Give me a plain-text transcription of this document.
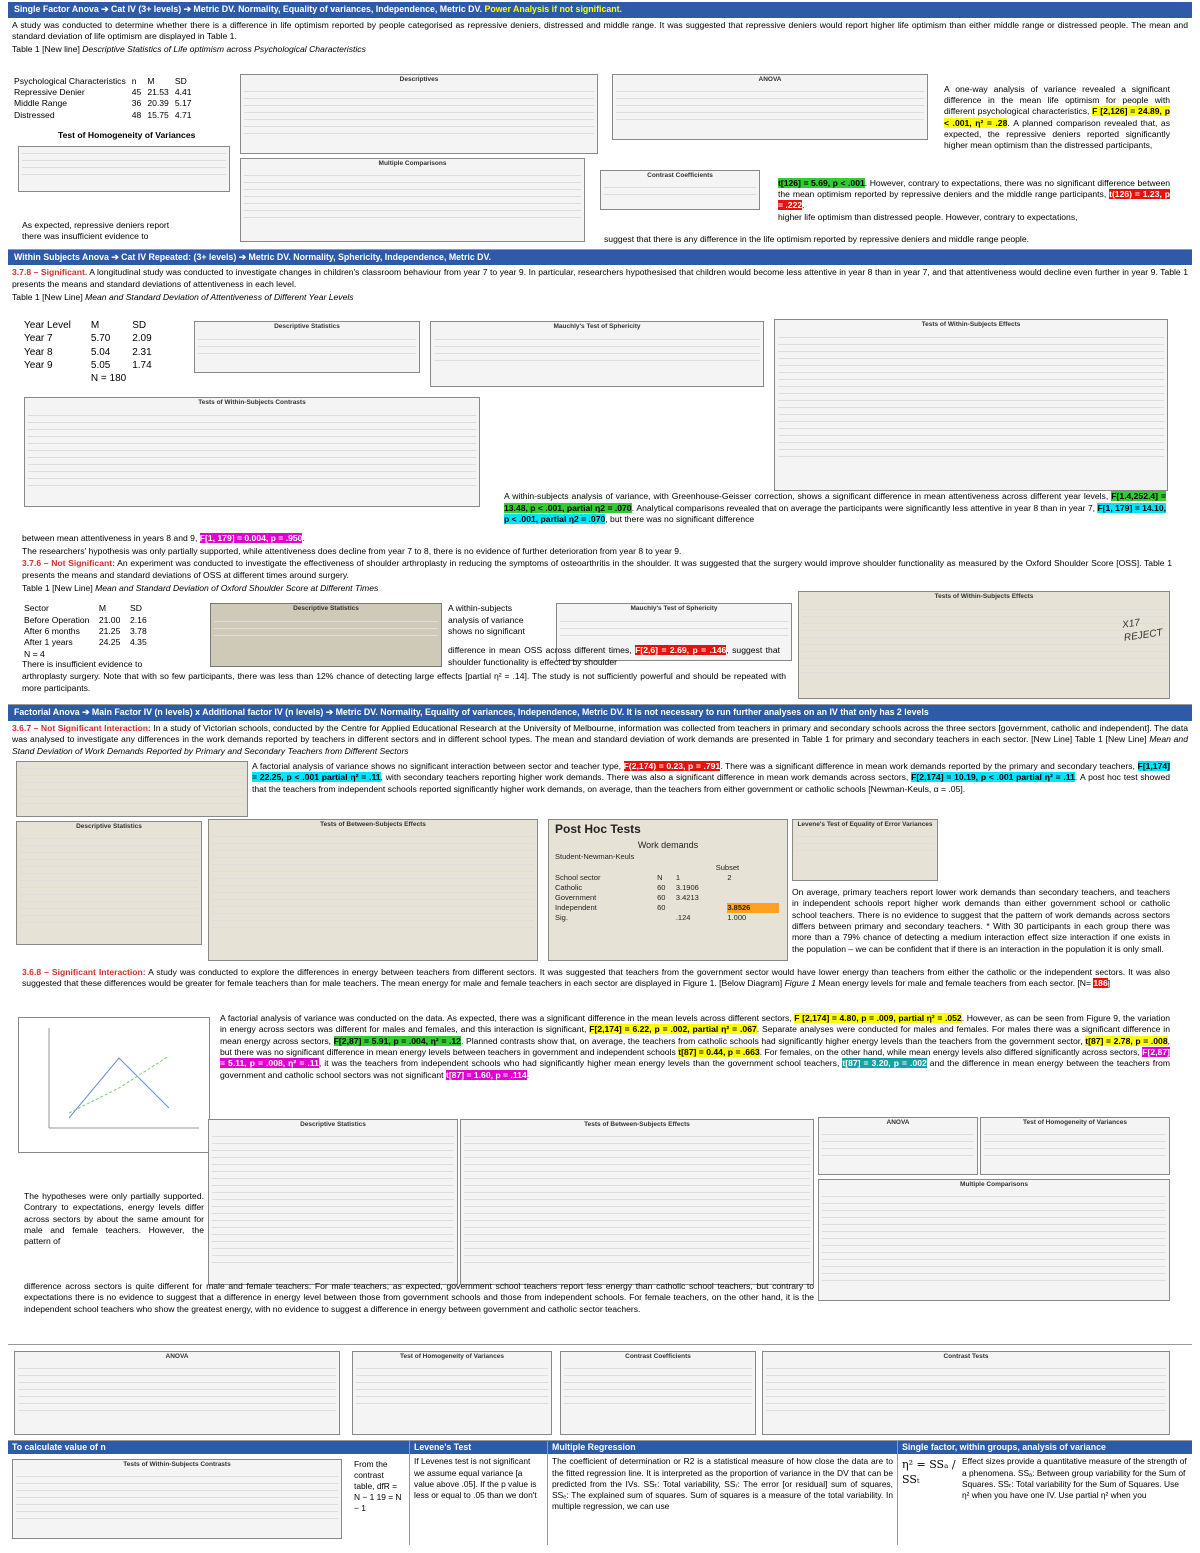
Single Factor Anova ➔ Cat IV (3+ levels) ➔ Metric DV. Normality, Equality of variances, Independence, Metric DV. Power Analysis if not significant.

A study was conducted to determine whether there is a difference in life optimism reported by people categorised as repressive deniers, distressed and middle range. It was suggested that repressive deniers would report higher life optimism than either middle range or distressed people. The mean and standard deviation of life optimism are displayed in Table 1.

Table 1 [New line] Descriptive Statistics of Life optimism across Psychological Characteristics

Psychological Characteristics	n	M	SD
Repressive Denier	45	21.53	4.41
Middle Range	36	20.39	5.17
Distressed	48	15.75	4.71
Test of Homogeneity of Variances
Descriptives
Multiple Comparisons
ANOVA
Contrast Coefficients
A one-way analysis of variance revealed a significant difference in the mean life optimism for people with different psychological characteristics, F [2,126] = 24.89, p < .001, η² = .28. A planned comparison revealed that, as expected, the repressive deniers reported significantly higher mean optimism than the distressed participants,
t[126] = 5.69, p < .001. However, contrary to expectations, there was no significant difference between the mean optimism reported by repressive deniers and the middle range participants, t(126) = 1.23, p = .222.
higher life optimism than distressed people. However, contrary to expectations,
As expected, repressive deniers report
there was insufficient evidence to	suggest that there is any difference in the life optimism reported by repressive deniers and middle range people.
Within Subjects Anova ➔ Cat IV Repeated: (3+ levels) ➔ Metric DV. Normality, Sphericity, Independence, Metric DV.

3.7.8 – Significant. A longitudinal study was conducted to investigate changes in children's classroom behaviour from year 7 to year 9. In particular, researchers hypothesised that children would become less attentive in year 8 than in year 7, and that attentiveness would decline even further in year 9. Table 1 presents the means and standard deviations of attentiveness in each level.

Table 1 [New Line] Mean and Standard Deviation of Attentiveness of Different Year Levels

Year Level	M	SD
Year 7	5.70	2.09
Year 8	5.04	2.31
Year 9	5.05	1.74
	N = 180	
Descriptive Statistics	Mauchly's Test of Sphericity	Tests of Within-Subjects Effects
Tests of Within-Subjects Contrasts
A within-subjects analysis of variance, with Greenhouse-Geisser correction, shows a significant difference in mean attentiveness across different year levels, F[1.4,252.4] = 13.48, p < .001, partial η2 = .070. Analytical comparisons revealed that on average the participants were significantly less attentive in year 8 than in year 7, F[1, 179] = 14.10, p < .001, partial η2 = .070, but there was no significant difference
between mean attentiveness in years 8 and 9, F[1, 179] = 0.004, p = .950.
The researchers' hypothesis was only partially supported, while attentiveness does decline from year 7 to 8, there is no evidence of further deterioration from year 8 to year 9.
3.7.6 – Not Significant: An experiment was conducted to investigate the effectiveness of shoulder arthroplasty in reducing the symptoms of osteoarthritis in the shoulder. It was suggested that the surgery would improve shoulder functionality as measured by the Oxford Shoulder Score [OSS]. Table 1 presents the means and standard deviations of OSS at different times around surgery.
Table 1 [New Line] Mean and Standard Deviation of Oxford Shoulder Score at Different Times
Sector	M	SD
Before Operation	21.00	2.16
After 6 months	21.25	3.78
After 1 years	24.25	4.35
N = 4		
Descriptive Statistics	Mauchly's Test of Sphericity
Tests of Within-Subjects Effects
X17 REJECT
A within-subjects analysis of variance shows no significant
difference in mean OSS across different times, F[2,6] = 2.69, p = .146, suggest that shoulder functionality is effected by shoulder
There is insufficient evidence to
arthroplasty surgery. Note that with so few participants, there was less than 12% chance of detecting large effects [partial η² = .14]. The study is not sufficiently powerful and should be repeated with more participants.
Factorial Anova ➔ Main Factor IV (n levels) x Additional factor IV (n levels) ➔ Metric DV. Normality, Equality of variances, Independence, Metric DV. It is not necessary to run further analyses on an IV that only has 2 levels

3.6.7 – Not Significant Interaction: In a study of Victorian schools, conducted by the Centre for Applied Educational Research at the University of Melbourne, information was collected from teachers in primary and secondary schools across the three sectors [government, catholic and independent]. The data was analysed to investigate any differences in the work demands reported by teachers in different sectors and in different school types. The mean and standard deviation of work demands are presented in Table 1 for primary and secondary teachers in each sector. [New Line] Table 1 [New Line] Mean and Stand Deviation of Work Demands Reported by Primary and Secondary Teachers from Different Sectors

A factorial analysis of variance shows no significant interaction between sector and teacher type, F(2,174) = 0.23, p = .791. There was a significant difference in mean work demands reported by the primary and secondary teachers, F[1,174] = 22.25, p < .001 partial η² = .11, with secondary teachers reporting higher work demands. There was also a significant difference in mean work demands across sectors, F[2,174] = 10.19, p < .001 partial η² = .11. A post hoc test showed that the teachers from independent schools reported significantly higher work demands, on average, than the teachers from either government or catholic schools [Newman-Keuls, α = .05].
Descriptive Statistics	Tests of Between-Subjects Effects	Post Hoc Tests
Work demands
Student-Newman-Keuls
		Subset	
School sector	N	1	2
Catholic	60	3.1906	
Government	60	3.4213	
Independent	60		3.8526
Sig.		.124	1.000
Levene's Test of Equality of Error Variances
On average, primary teachers report lower work demands than secondary teachers, and teachers in independent schools report higher work demands than either government school or catholic school teachers. There is no evidence to suggest that the pattern of work demands across sectors differs between primary and secondary teachers. * With 30 participants in each group there was more than a 79% chance of detecting a medium interaction effect size interaction if one exists in the population – we can be confident that if there is an interaction in the population it is only small.
3.6.8 – Significant Interaction: A study was conducted to explore the differences in energy between teachers from different sectors. It was suggested that teachers from the government sector would have lower energy than teachers from either the catholic or the independent sectors. It was also suggested that these differences would be greater for female teachers than for male teachers. The mean energy for male and female teachers in each sector are displayed in Figure 1. [Below Diagram] Figure 1 Mean energy levels for male and female teachers from each sector. [N= 186]
A factorial analysis of variance was conducted on the data. As expected, there was a significant difference in the mean levels across different sectors, F [2,174] = 4.80, p = .009, partial η² = .052. However, as can be seen from Figure 9, the variation in energy across sectors was different for males and females, and this interaction is significant, F[2,174] = 6.22, p = .002, partial η² = .067. Separate analyses were conducted for males and females. For males there was a significant difference in mean energy across sectors, F[2,87] = 5.91, p = .004, η² = .12. Planned contrasts show that, on average, the teachers from catholic schools had significantly higher energy levels than the teachers from the government sector, t[87] = 2.78, p = .008, but there was no significant difference in mean energy levels between teachers in government and independent schools t[87] = 0.44, p = .663. For females, on the other hand, while mean energy levels also differed significantly across sectors, F[2,87] = 5.11, p = .008, η² = .11, it was the teachers from independent schools who had significantly higher mean energy levels than the government school teachers, t[87] = 3.20, p = .002 and the difference in mean energy between the teachers from government and catholic school sectors was not significant t[87] = 1.60, p = .114.
Descriptive Statistics	Tests of Between-Subjects Effects	ANOVA	Test of Homogeneity of Variances
Multiple Comparisons
The hypotheses were only partially supported. Contrary to expectations, energy levels differ across sectors by about the same amount for male and female teachers. However, the pattern of
difference across sectors is quite different for male and female teachers. For male teachers, as expected, government school teachers report less energy than catholic school teachers, but contrary to expectations there is no evidence to suggest that a difference in energy level between those from government schools and those from independent schools. For female teachers, on the other hand, it is the independent school teachers who show the greatest energy, with no evidence to suggest a difference in energy between government and catholic sector teachers.
ANOVA	Test of Homogeneity of Variances	Contrast Coefficients	Contrast Tests
To calculate value of n
Tests of Within-Subjects Contrasts	From the contrast table, dfR = N − 1 19 = N − 1
Levene's Test
If Levenes test is not significant we assume equal variance [a value above .05]. If the p value is less or equal to .05 than we don't
Multiple Regression
The coefficient of determination or R2 is a statistical measure of how close the data are to the fitted regression line. It is interpreted as the proportion of variance in the DV that can be predicted from the IVs. SSₜ: Total variability, SSᵣ: The error [or residual] sum of squares, SSₑ: The explained sum of squares. Sum of squares is a measure of the total variability. In multiple regression, we can use
Single factor, within groups, analysis of variance
η² = SSₐ / SSₜ
Effect sizes provide a quantitative measure of the strength of a phenomena. SSₐ: Between group variability for the Sum of Squares. SSₜ: Total variability for the Sum of Squares. Use η² when you have one IV. Use partial η² when you
